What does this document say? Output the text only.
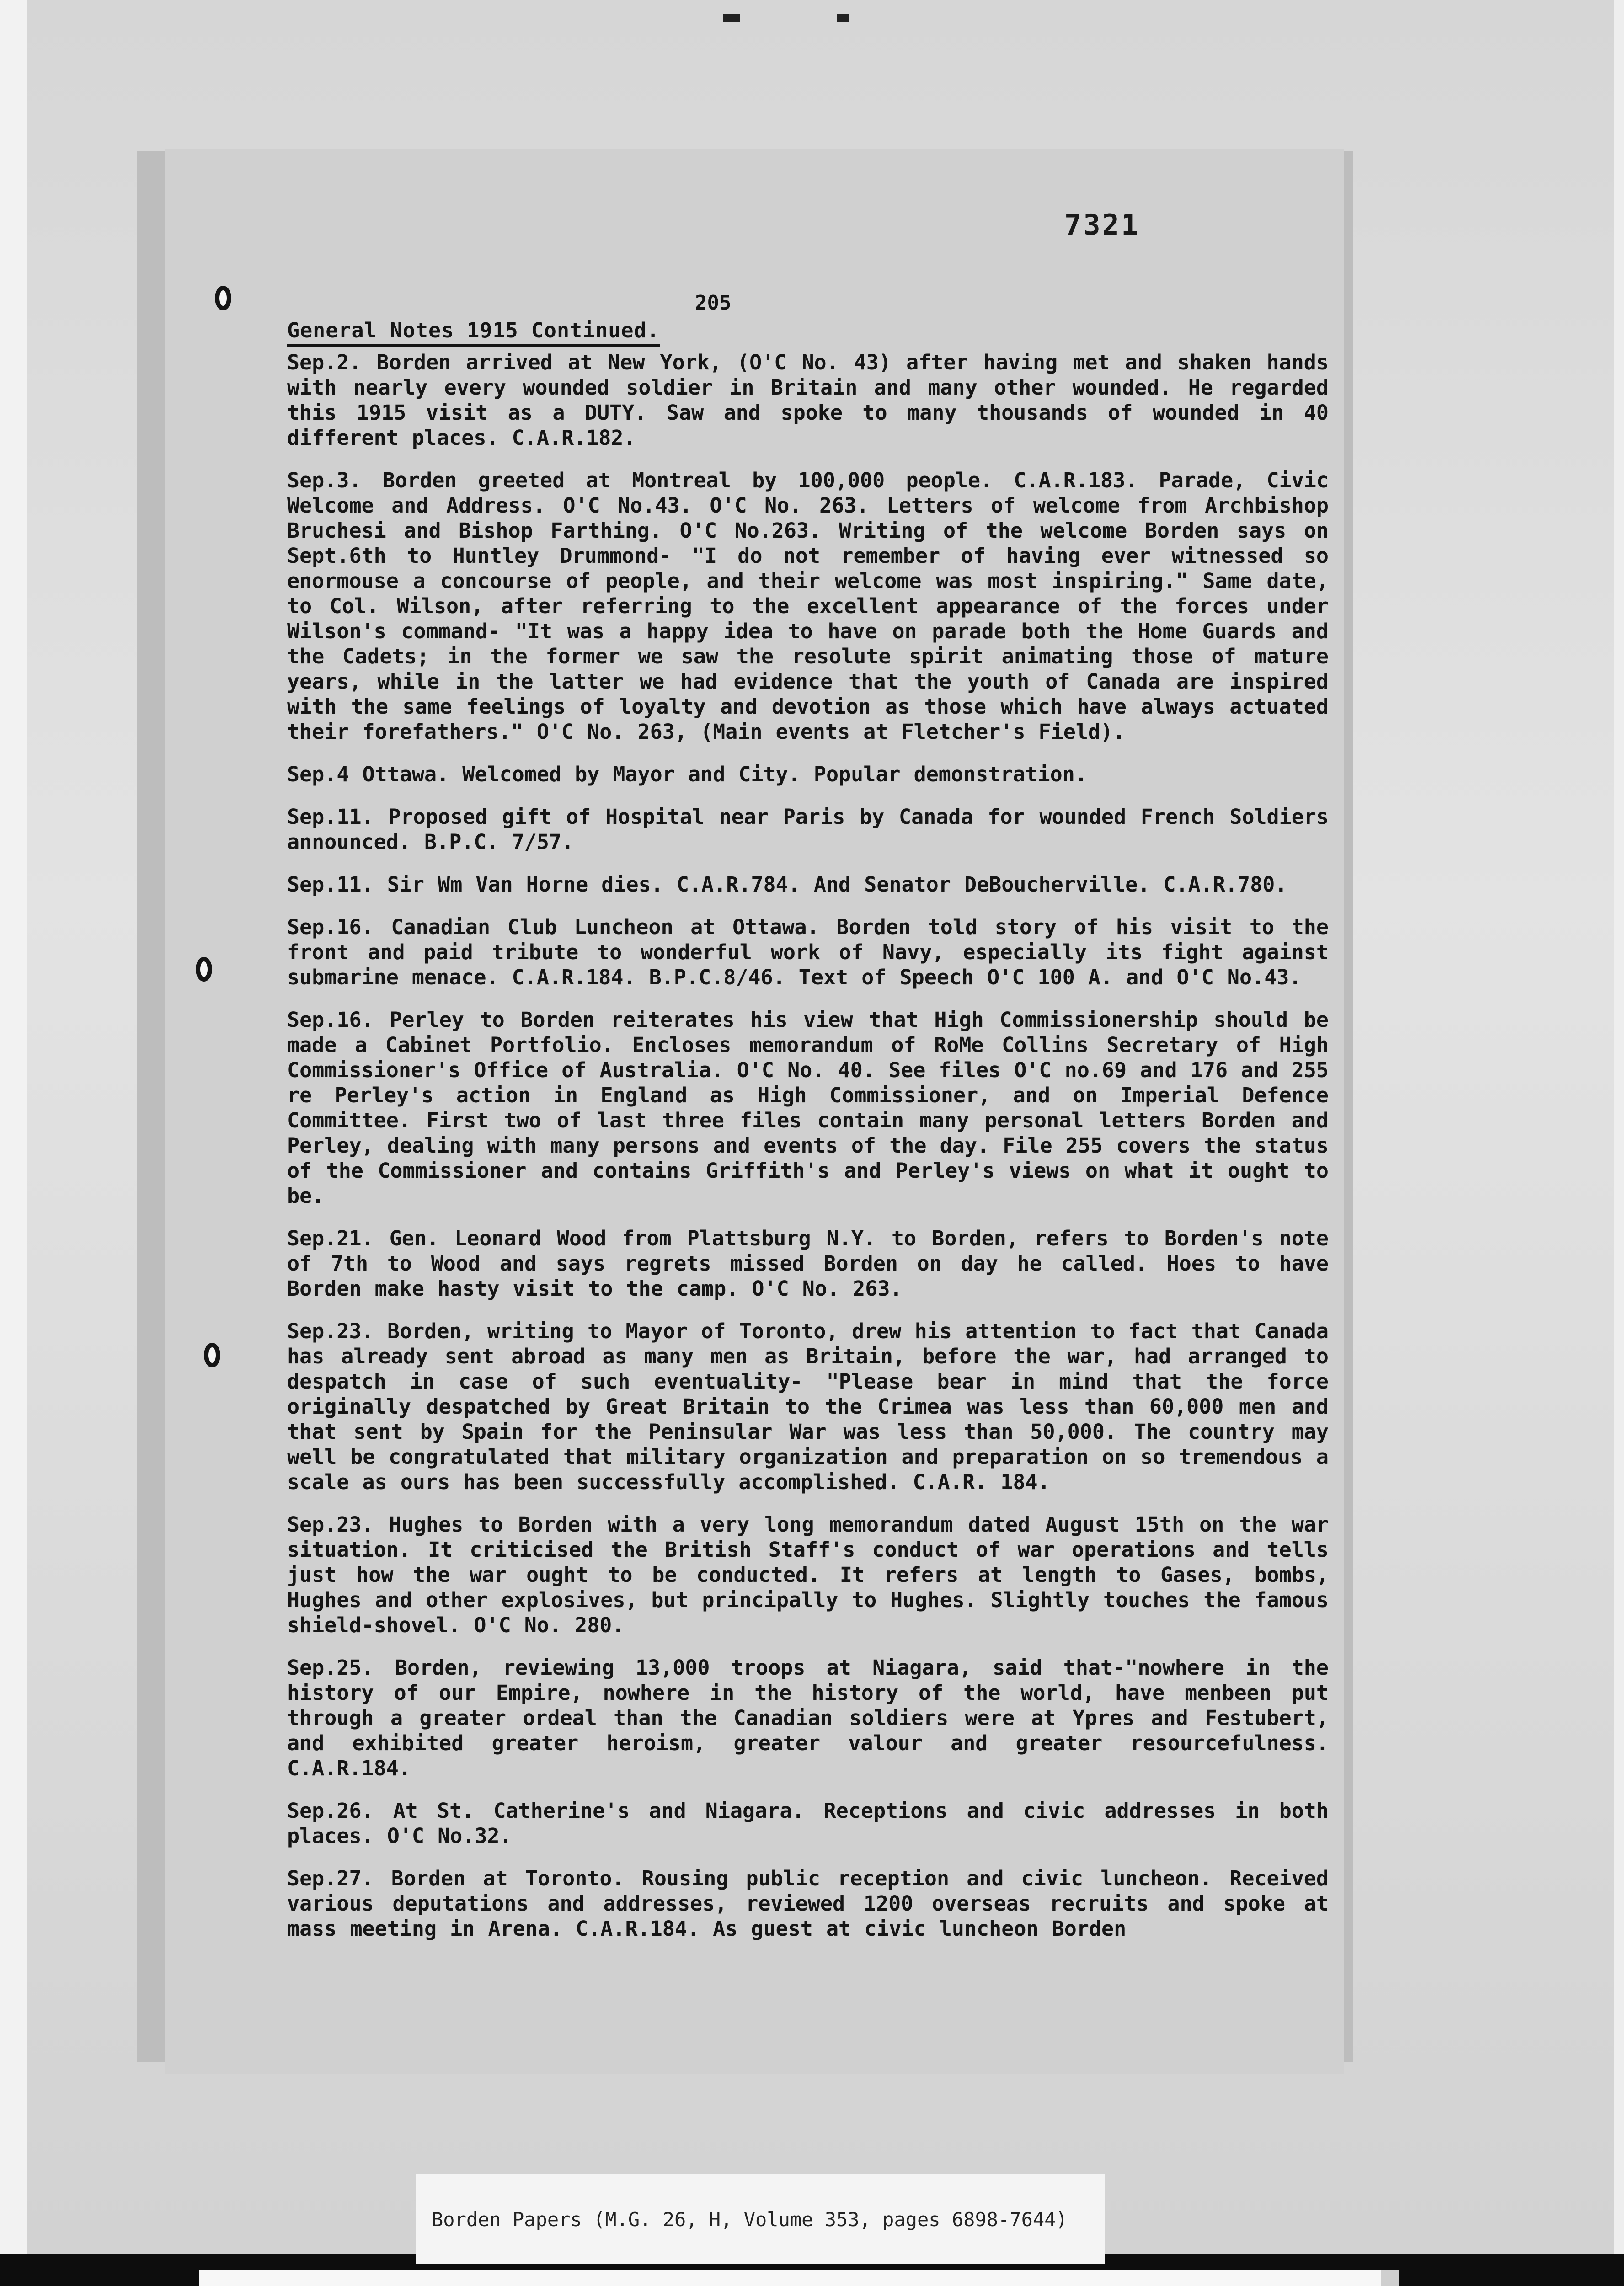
7321
205
General Notes 1915 Continued.

Sep.2. Borden arrived at New York, (O'C No. 43) after having met and shaken hands with nearly every wounded soldier in Britain and many other wounded. He regarded this 1915 visit as a DUTY. Saw and spoke to many thousands of wounded in 40 different places. C.A.R.182.

Sep.3. Borden greeted at Montreal by 100,000 people. C.A.R.183. Parade, Civic Welcome and Address. O'C No.43. O'C No. 263. Letters of welcome from Archbishop Bruchesi and Bishop Farthing. O'C No.263. Writing of the welcome Borden says on Sept.6th to Huntley Drummond- "I do not remember of having ever witnessed so enormouse a concourse of people, and their welcome was most inspiring." Same date, to Col. Wilson, after referring to the excellent appearance of the forces under Wilson's command- "It was a happy idea to have on parade both the Home Guards and the Cadets; in the former we saw the resolute spirit animating those of mature years, while in the latter we had evidence that the youth of Canada are inspired with the same feelings of loyalty and devotion as those which have always actuated their forefathers." O'C No. 263, (Main events at Fletcher's Field).

Sep.4 Ottawa. Welcomed by Mayor and City. Popular demonstration.

Sep.11. Proposed gift of Hospital near Paris by Canada for wounded French Soldiers announced. B.P.C. 7/57.

Sep.11. Sir Wm Van Horne dies. C.A.R.784. And Senator DeBoucherville. C.A.R.780.

Sep.16. Canadian Club Luncheon at Ottawa. Borden told story of his visit to the front and paid tribute to wonderful work of Navy, especially its fight against submarine menace. C.A.R.184. B.P.C.8/46. Text of Speech O'C 100 A. and O'C No.43.

Sep.16. Perley to Borden reiterates his view that High Commissionership should be made a Cabinet Portfolio. Encloses memorandum of RoMe Collins Secretary of High Commissioner's Office of Australia. O'C No. 40. See files O'C no.69 and 176 and 255 re Perley's action in England as High Commissioner, and on Imperial Defence Committee. First two of last three files contain many personal letters Borden and Perley, dealing with many persons and events of the day. File 255 covers the status of the Commissioner and contains Griffith's and Perley's views on what it ought to be.

Sep.21. Gen. Leonard Wood from Plattsburg N.Y. to Borden, refers to Borden's note of 7th to Wood and says regrets missed Borden on day he called. Hoes to have Borden make hasty visit to the camp. O'C No. 263.

Sep.23. Borden, writing to Mayor of Toronto, drew his attention to fact that Canada has already sent abroad as many men as Britain, before the war, had arranged to despatch in case of such eventuality- "Please bear in mind that the force originally despatched by Great Britain to the Crimea was less than 60,000 men and that sent by Spain for the Peninsular War was less than 50,000. The country may well be congratulated that military organization and preparation on so tremendous a scale as ours has been successfully accomplished. C.A.R. 184.

Sep.23. Hughes to Borden with a very long memorandum dated August 15th on the war situation. It criticised the British Staff's conduct of war operations and tells just how the war ought to be conducted. It refers at length to Gases, bombs, Hughes and other explosives, but principally to Hughes. Slightly touches the famous shield-shovel. O'C No. 280.

Sep.25. Borden, reviewing 13,000 troops at Niagara, said that-"nowhere in the history of our Empire, nowhere in the history of the world, have menbeen put through a greater ordeal than the Canadian soldiers were at Ypres and Festubert, and exhibited greater heroism, greater valour and greater resourcefulness. C.A.R.184.

Sep.26. At St. Catherine's and Niagara. Receptions and civic addresses in both places. O'C No.32.

Sep.27. Borden at Toronto. Rousing public reception and civic luncheon. Received various deputations and addresses, reviewed 1200 overseas recruits and spoke at mass meeting in Arena. C.A.R.184. As guest at civic luncheon Borden

Borden Papers (M.G. 26, H, Volume 353, pages 6898-7644)
